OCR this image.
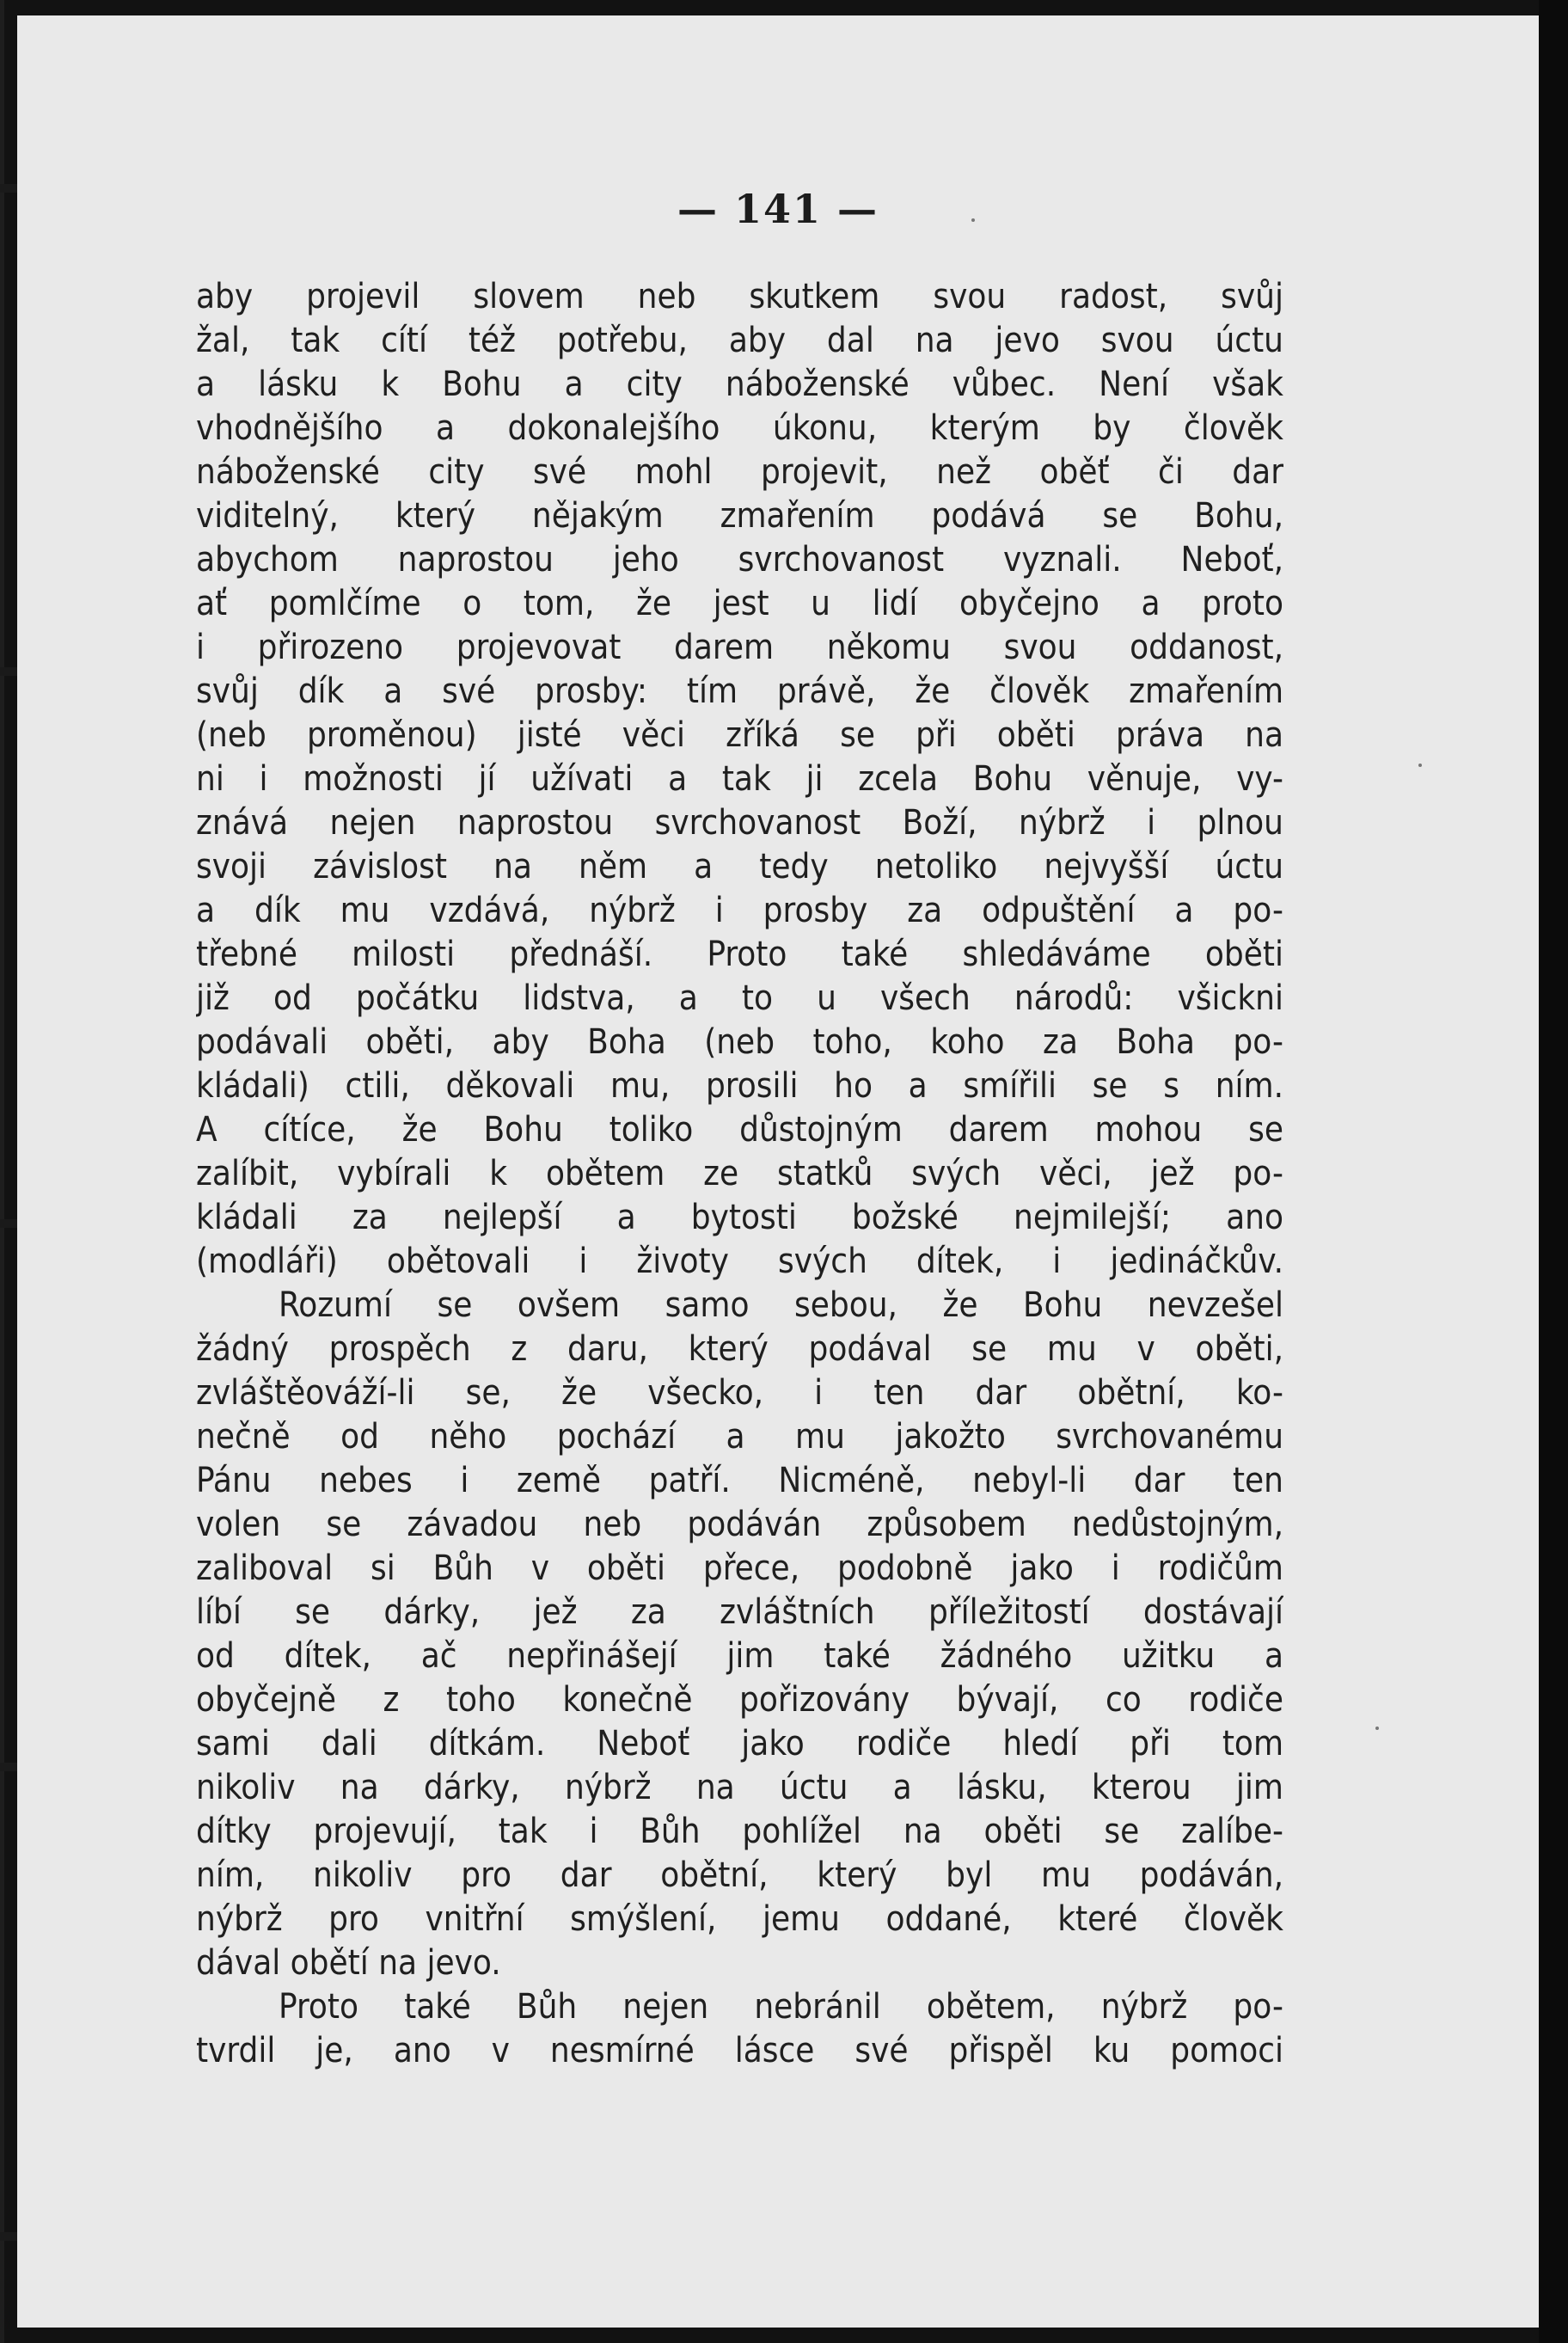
— 141 —
aby projevil slovem neb skutkem svou radost, svůj
žal, tak cítí též potřebu, aby dal na jevo svou úctu
a lásku k Bohu a city náboženské vůbec. Není však
vhodnějšího a dokonalejšího úkonu, kterým by člověk
náboženské city své mohl projevit, než oběť či dar
viditelný, který nějakým zmařením podává se Bohu,
abychom naprostou jeho svrchovanost vyznali. Neboť,
ať pomlčíme o tom, že jest u lidí obyčejno a proto
i přirozeno projevovat darem někomu svou oddanost,
svůj dík a své prosby: tím právě, že člověk zmařením
(neb proměnou) jisté věci zříká se při oběti práva na
ni i možnosti jí užívati a tak ji zcela Bohu věnuje, vy-
znává nejen naprostou svrchovanost Boží, nýbrž i plnou
svoji závislost na něm a tedy netoliko nejvyšší úctu
a dík mu vzdává, nýbrž i prosby za odpuštění a po-
třebné milosti přednáší. Proto také shledáváme oběti
již od počátku lidstva, a to u všech národů: všickni
podávali oběti, aby Boha (neb toho, koho za Boha po-
kládali) ctili, děkovali mu, prosili ho a smířili se s ním.
A cítíce, že Bohu toliko důstojným darem mohou se
zalíbit, vybírali k obětem ze statků svých věci, jež po-
kládali za nejlepší a bytosti božské nejmilejší; ano
(modláři) obětovali i životy svých dítek, i jedináčkův.
Rozumí se ovšem samo sebou, že Bohu nevzešel
žádný prospěch z daru, který podával se mu v oběti,
zvláštěováží-li se, že všecko, i ten dar obětní, ko-
nečně od něho pochází a mu jakožto svrchovanému
Pánu nebes i země patří. Nicméně, nebyl-li dar ten
volen se závadou neb podáván způsobem nedůstojným,
zaliboval si Bůh v oběti přece, podobně jako i rodičům
líbí se dárky, jež za zvláštních příležitostí dostávají
od dítek, ač nepřinášejí jim také žádného užitku a
obyčejně z toho konečně pořizovány bývají, co rodiče
sami dali dítkám. Neboť jako rodiče hledí při tom
nikoliv na dárky, nýbrž na úctu a lásku, kterou jim
dítky projevují, tak i Bůh pohlížel na oběti se zalíbe-
ním, nikoliv pro dar obětní, který byl mu podáván,
nýbrž pro vnitřní smýšlení, jemu oddané, které člověk
dával obětí na jevo.
Proto také Bůh nejen nebránil obětem, nýbrž po-
tvrdil je, ano v nesmírné lásce své přispěl ku pomoci
